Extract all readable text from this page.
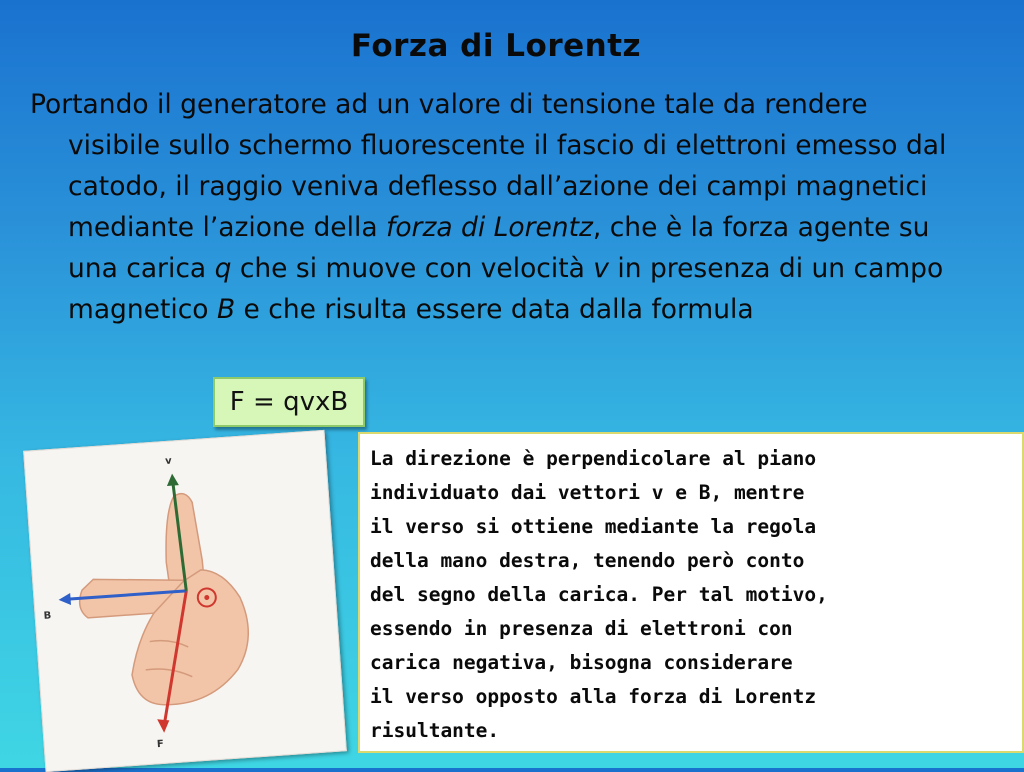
Forza di Lorentz

Portando il generatore ad un valore di tensione tale da rendere visibile sullo schermo fluorescente il fascio di elettroni emesso dal catodo, il raggio veniva deflesso dall’azione dei campi magnetici mediante l’azione della forza di Lorentz, che è la forza agente su una carica q che si muove con velocità v in presenza di un campo magnetico B e che risulta essere data dalla formula

F = qvxB
B
F
v	La direzione è perpendicolare al piano

individuato dai vettori v e B, mentre

il verso si ottiene mediante la regola

della mano destra, tenendo però conto

del segno della carica. Per tal motivo,

essendo in presenza di elettroni con

carica negativa, bisogna considerare

il verso opposto alla forza di Lorentz

risultante.
